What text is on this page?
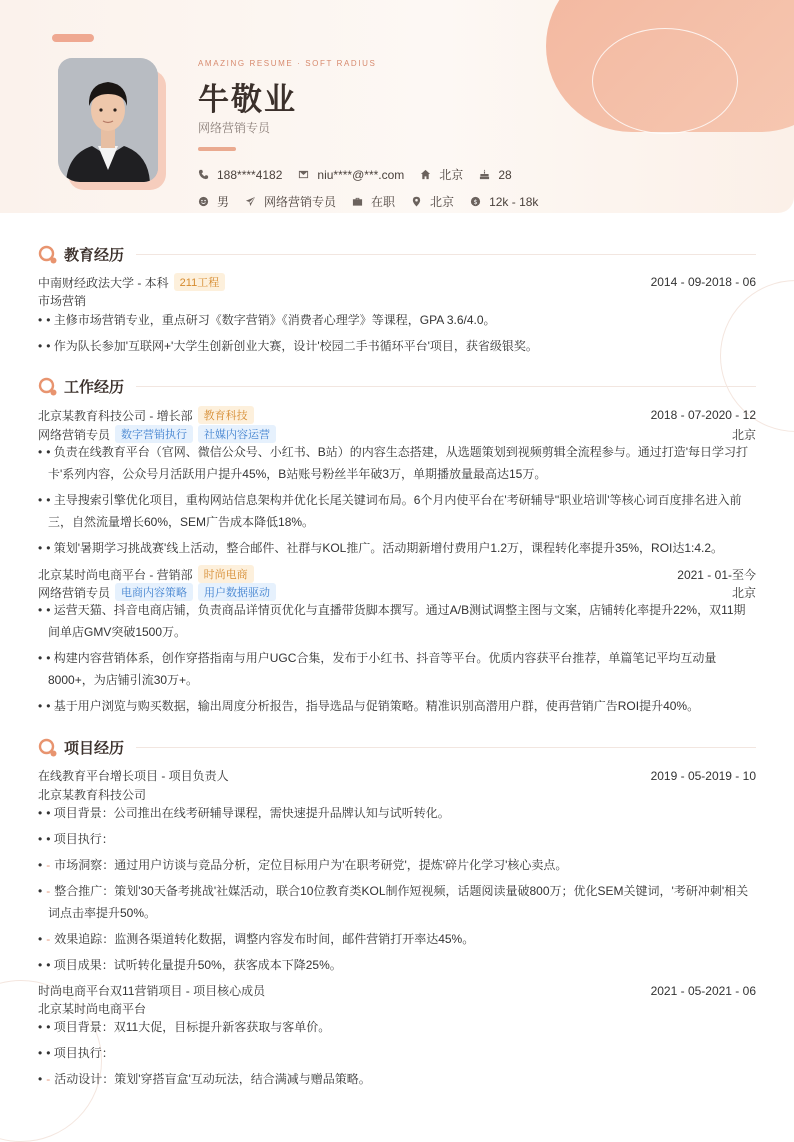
AMAZING RESUME · SOFT RADIUS
牛敬业
网络营销专员
188****4182	niu****@***.com	北京	28
男	网络营销专员	在职	北京	$ 12k - 18k
教育经历
中南财经政法大学 - 本科	211工程	2014 - 09-2018 - 06
市场营销
• • 主修市场营销专业，重点研习《数字营销》《消费者心理学》等课程，GPA 3.6/4.0。
• • 作为队长参加'互联网+'大学生创新创业大赛，设计'校园二手书循环平台'项目，获省级银奖。
工作经历
北京某教育科技公司 - 增长部	教育科技	2018 - 07-2020 - 12
网络营销专员	数字营销执行	社媒内容运营	北京
• • 负责在线教育平台（官网、微信公众号、小红书、B站）的内容生态搭建，从选题策划到视频剪辑全流程参与。通过打造'每日学习打
卡'系列内容，公众号月活跃用户提升45%，B站账号粉丝半年破3万，单期播放量最高达15万。
• • 主导搜索引擎优化项目，重构网站信息架构并优化长尾关键词布局。6个月内使平台在'考研辅导''职业培训'等核心词百度排名进入前
三，自然流量增长60%，SEM广告成本降低18%。
• • 策划'暑期学习挑战赛'线上活动，整合邮件、社群与KOL推广。活动期新增付费用户1.2万，课程转化率提升35%，ROI达1:4.2。
北京某时尚电商平台 - 营销部	时尚电商	2021 - 01-至今
网络营销专员	电商内容策略	用户数据驱动	北京
• • 运营天猫、抖音电商店铺，负责商品详情页优化与直播带货脚本撰写。通过A/B测试调整主图与文案，店铺转化率提升22%，双11期
间单店GMV突破1500万。
• • 构建内容营销体系，创作穿搭指南与用户UGC合集，发布于小红书、抖音等平台。优质内容获平台推荐，单篇笔记平均互动量
8000+，为店铺引流30万+。
• • 基于用户浏览与购买数据，输出周度分析报告，指导选品与促销策略。精准识别高潜用户群，使再营销广告ROI提升40%。
项目经历
在线教育平台增长项目 - 项目负责人	2019 - 05-2019 - 10
北京某教育科技公司
• • 项目背景：公司推出在线考研辅导课程，需快速提升品牌认知与试听转化。
• • 项目执行：
• - 市场洞察：通过用户访谈与竞品分析，定位目标用户为'在职考研党'，提炼'碎片化学习'核心卖点。
• - 整合推广：策划'30天备考挑战'社媒活动，联合10位教育类KOL制作短视频，话题阅读量破800万；优化SEM关键词，'考研冲刺'相关
词点击率提升50%。
• - 效果追踪：监测各渠道转化数据，调整内容发布时间，邮件营销打开率达45%。
• • 项目成果：试听转化量提升50%，获客成本下降25%。
时尚电商平台双11营销项目 - 项目核心成员	2021 - 05-2021 - 06
北京某时尚电商平台
• • 项目背景：双11大促，目标提升新客获取与客单价。
• • 项目执行：
• - 活动设计：策划'穿搭盲盒'互动玩法，结合满减与赠品策略。
